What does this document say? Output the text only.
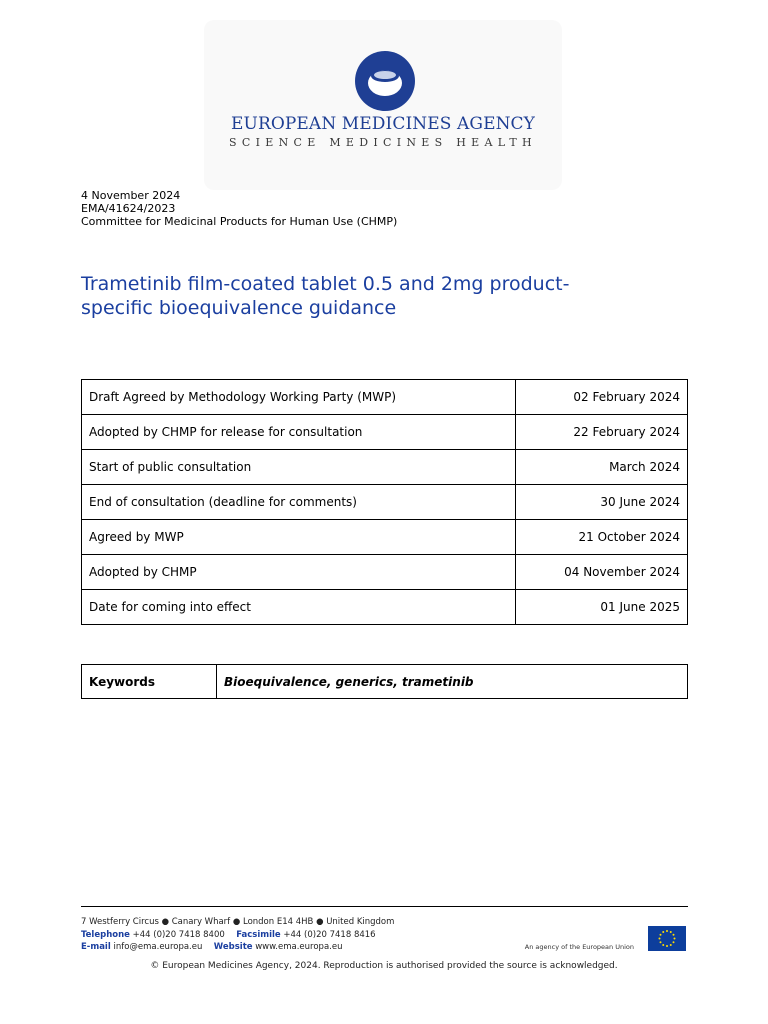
EUROPEAN MEDICINES AGENCY
SCIENCE MEDICINES HEALTH
4 November 2024
EMA/41624/2023
Committee for Medicinal Products for Human Use (CHMP)
Trametinib film-coated tablet 0.5 and 2mg product-specific bioequivalence guidance
Draft Agreed by Methodology Working Party (MWP)	02 February 2024
Adopted by CHMP for release for consultation	22 February 2024
Start of public consultation	March 2024
End of consultation (deadline for comments)	30 June 2024
Agreed by MWP	21 October 2024
Adopted by CHMP	04 November 2024
Date for coming into effect	01 June 2025
Keywords	Bioequivalence, generics, trametinib
7 Westferry Circus ● Canary Wharf ● London E14 4HB ● United Kingdom
Telephone +44 (0)20 7418 8400 Facsimile +44 (0)20 7418 8416
E-mail info@ema.europa.eu Website www.ema.europa.eu	An agency of the European Union
© European Medicines Agency, 2024. Reproduction is authorised provided the source is acknowledged.
